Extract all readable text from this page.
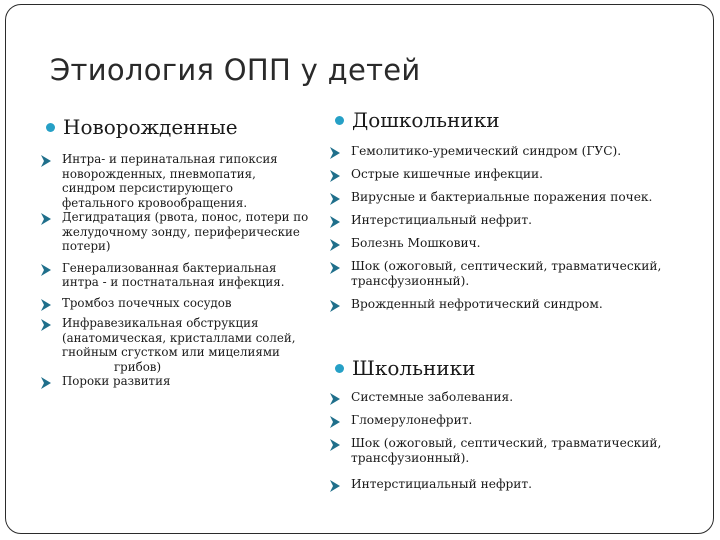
Этиология ОПП у детей
Новорожденные
Интра- и перинатальная гипоксия
новорожденных, пневмопатия,
синдром персистирующего
фетального кровообращения.
Дегидратация (рвота, понос, потери по
желудочному зонду, периферические
потери)
Генерализованная бактериальная
интра - и постнатальная инфекция.
Тромбоз почечных сосудов
Инфравезикальная обструкция
(анатомическая, кристаллами солей,
гнойным сгустком или мицелиями
грибов)
Пороки развития
Дошкольники
Гемолитико-уремический синдром (ГУС).
Острые кишечные инфекции.
Вирусные и бактериальные поражения почек.
Интерстициальный нефрит.
Болезнь Мошкович.
Шок (ожоговый, септический, травматический,
трансфузионный).
Врожденный нефротический синдром.
Школьники
Системные заболевания.
Гломерулонефрит.
Шок (ожоговый, септический, травматический,
трансфузионный).
Интерстициальный нефрит.
